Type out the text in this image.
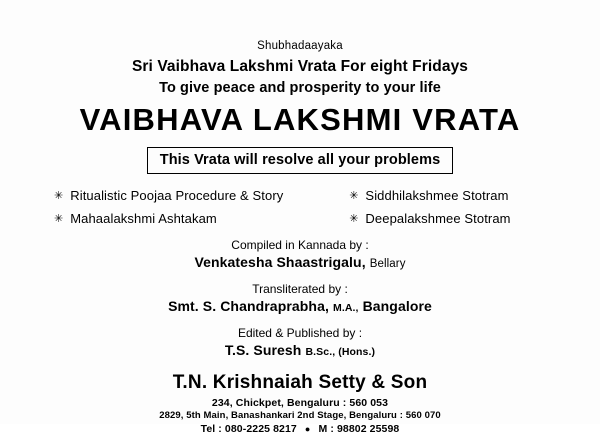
Shubhadaayaka
Sri Vaibhava Lakshmi Vrata For eight Fridays
To give peace and prosperity to your life
VAIBHAVA LAKSHMI VRATA
This Vrata will resolve all your problems
✳ Ritualistic Poojaa Procedure & Story	✳ Siddhilakshmee Stotram
✳ Mahaalakshmi Ashtakam	✳ Deepalakshmee Stotram
Compiled in Kannada by :
Venkatesha Shaastrigalu, Bellary
Transliterated by :
Smt. S. Chandraprabha, M.A., Bangalore
Edited & Published by :
T.S. Suresh B.Sc., (Hons.)
T.N. Krishnaiah Setty & Son
234, Chickpet, Bengaluru : 560 053
2829, 5th Main, Banashankari 2nd Stage, Bengaluru : 560 070
Tel : 080-2225 8217 ● M : 98802 25598
